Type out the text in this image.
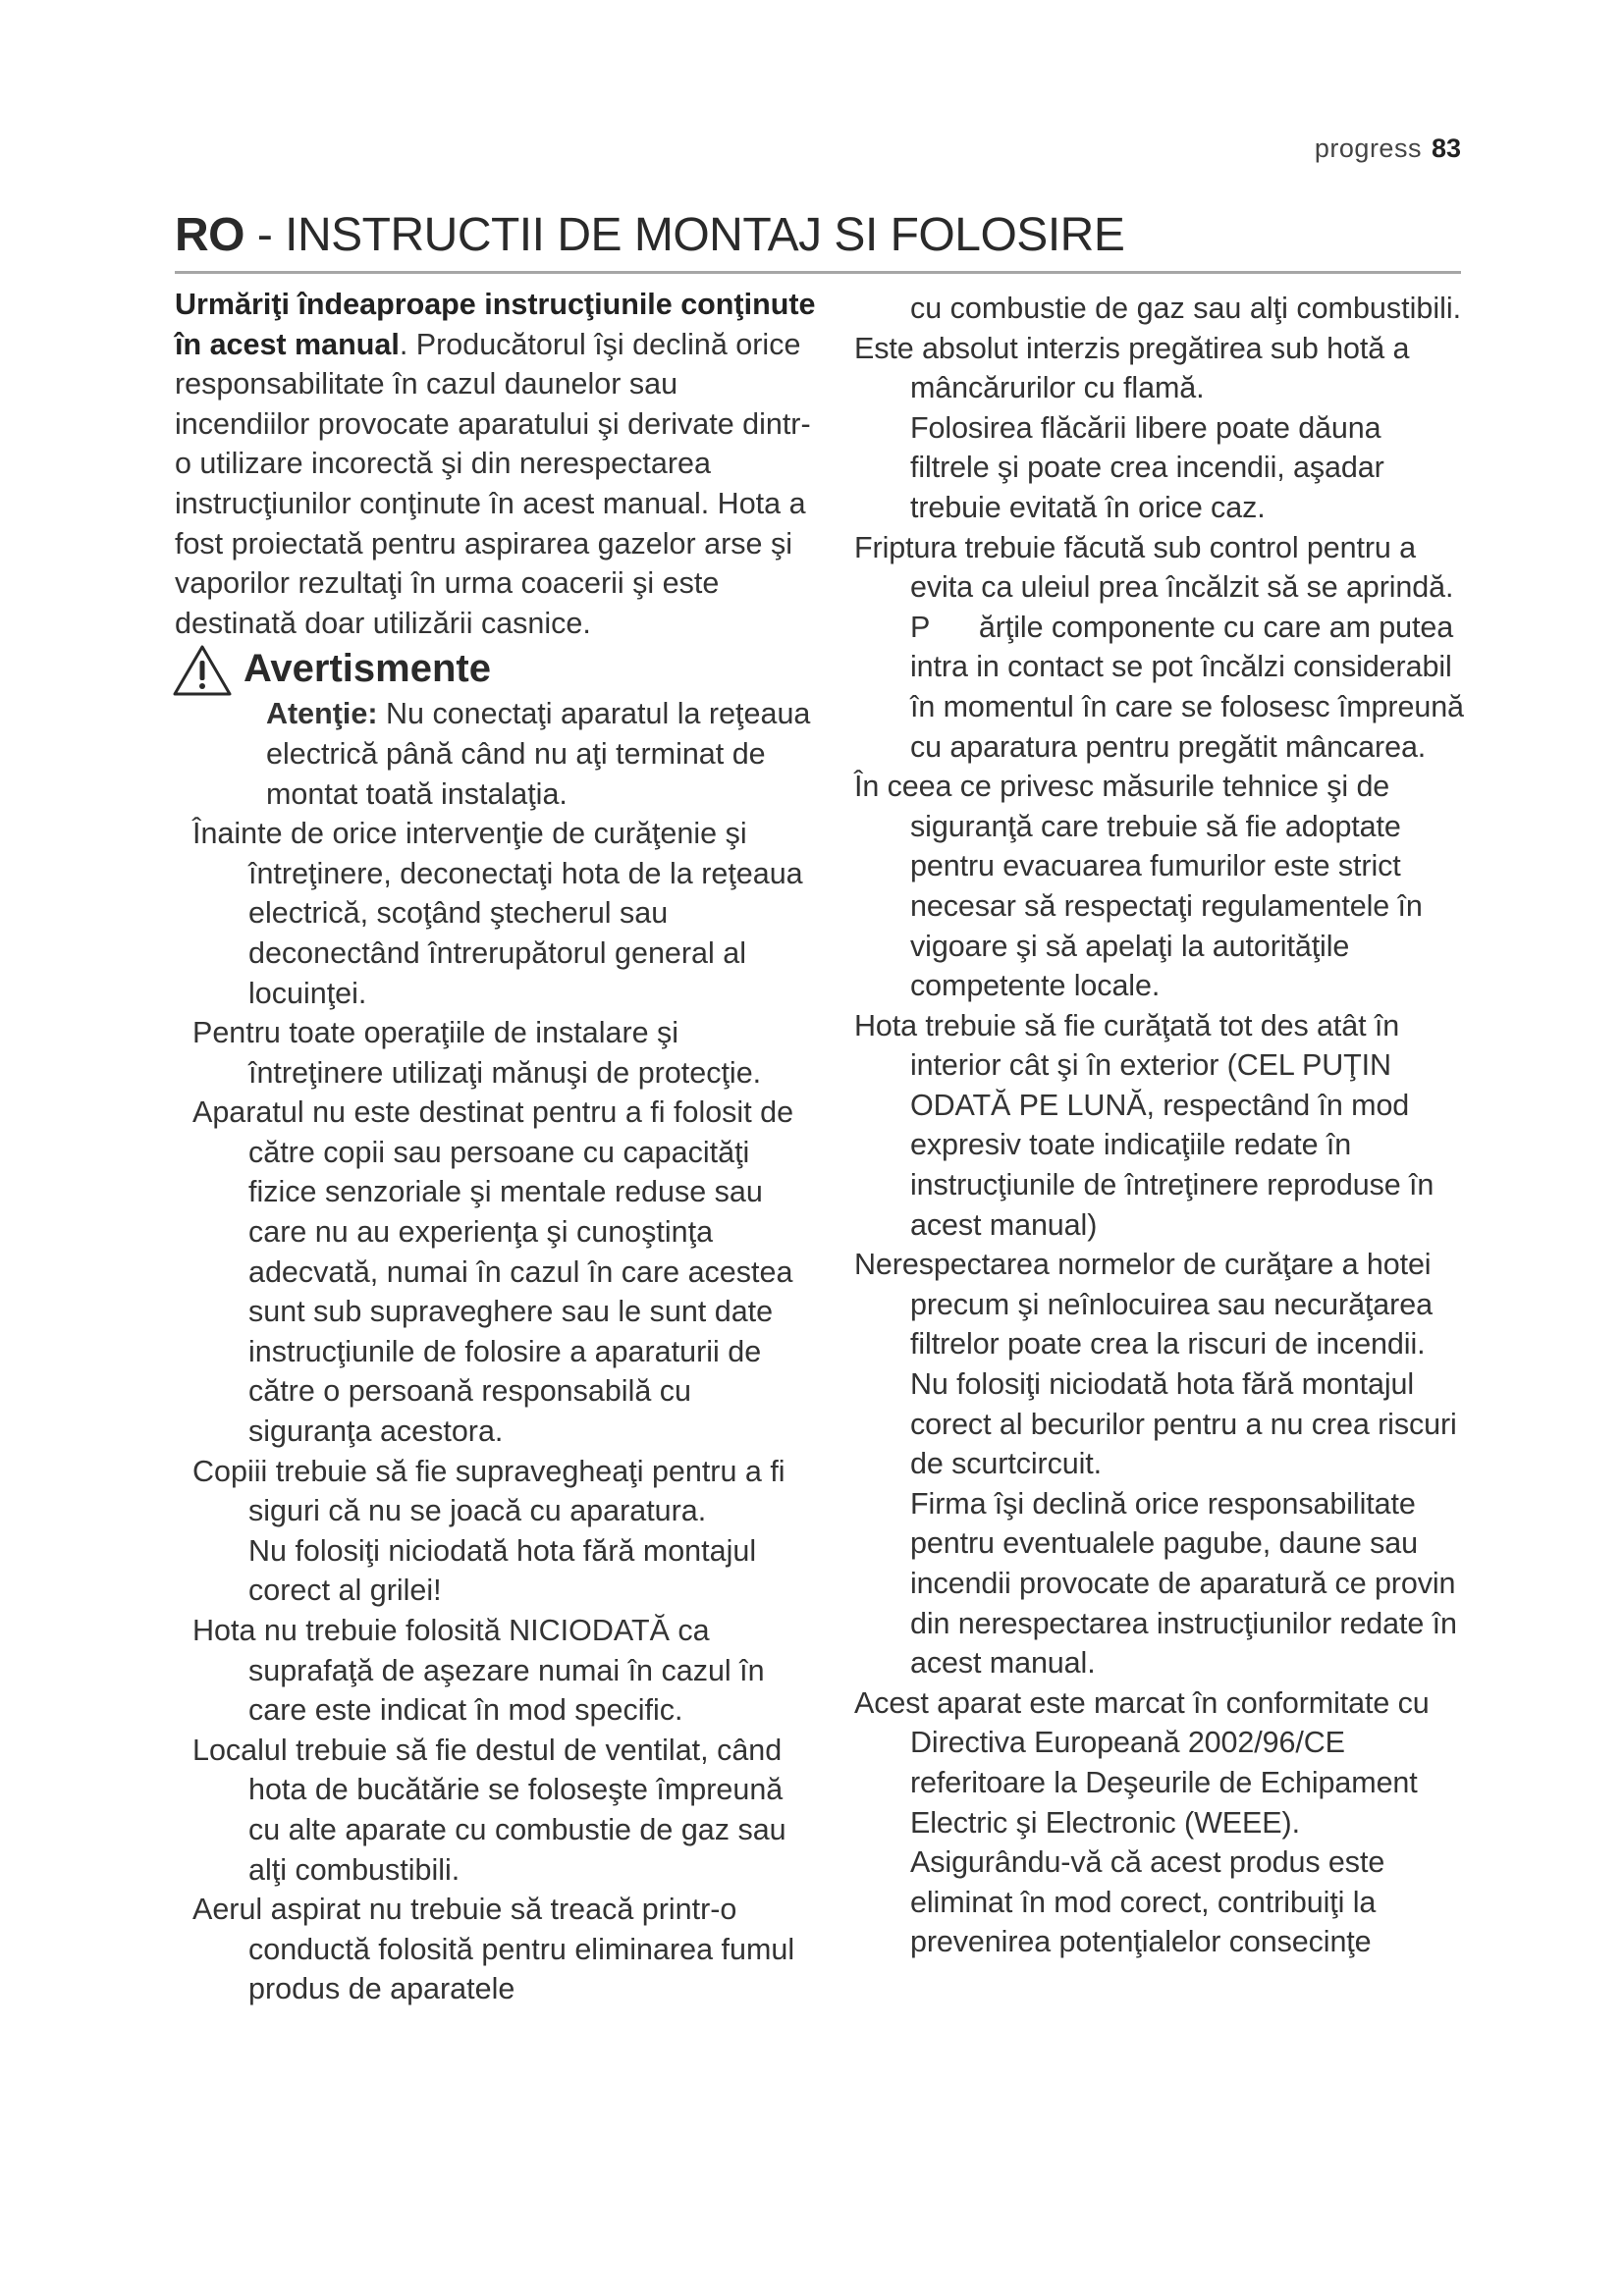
progress 83
RO - INSTRUCTII DE MONTAJ SI FOLOSIRE

Urmăriţi îndeaproape instrucţiunile conţinute în acest manual. Producătorul îşi declină orice responsabilitate în cazul daunelor sau incendiilor provocate aparatului şi derivate dintr-o utilizare incorectă şi din nerespectarea instrucţiunilor conţinute în acest manual. Hota a fost proiectată pentru aspirarea gazelor arse şi vaporilor rezultaţi în urma coacerii şi este destinată doar utilizării casnice.

Avertismente

Atenţie: Nu conectaţi aparatul la reţeaua electrică până când nu aţi terminat de montat toată instalaţia.

Înainte de orice intervenţie de curăţenie şi întreţinere, deconectaţi hota de la reţeaua electrică, scoţând ştecherul sau deconectând întrerupătorul general al locuinţei.

Pentru toate operaţiile de instalare şi întreţinere utilizaţi mănuşi de protecţie.

Aparatul nu este destinat pentru a fi folosit de către copii sau persoane cu capacităţi fizice senzoriale şi mentale reduse sau care nu au experienţa şi cunoştinţa adecvată, numai în cazul în care acestea sunt sub supraveghere sau le sunt date instrucţiunile de folosire a aparaturii de către o persoană responsabilă cu siguranţa acestora.

Copiii trebuie să fie supravegheaţi pentru a fi siguri că nu se joacă cu aparatura.

Nu folosiţi niciodată hota fără montajul corect al grilei!

Hota nu trebuie folosită NICIODATĂ ca suprafaţă de aşezare numai în cazul în care este indicat în mod specific.

Localul trebuie să fie destul de ventilat, când hota de bucătărie se foloseşte împreună cu alte aparate cu combustie de gaz sau alţi combustibili.

Aerul aspirat nu trebuie să treacă printr-o conductă folosită pentru eliminarea fumul produs de aparatele

cu combustie de gaz sau alţi combustibili.

Este absolut interzis pregătirea sub hotă a mâncărurilor cu flamă.

Folosirea flăcării libere poate dăuna filtrele şi poate crea incendii, aşadar trebuie evitată în orice caz.

Friptura trebuie făcută sub control pentru a evita ca uleiul prea încălzit să se aprindă.

P      ărţile componente cu care am putea intra in contact se pot încălzi considerabil în momentul în care se folosesc împreună cu aparatura pentru pregătit mâncarea.

În ceea ce privesc măsurile tehnice şi de siguranţă care trebuie să fie adoptate pentru evacuarea fumurilor este strict necesar să respectaţi regulamentele în vigoare şi să apelaţi la autorităţile competente locale.

Hota trebuie să fie curăţată tot des atât în interior cât şi în exterior (CEL PUŢIN ODATĂ PE LUNĂ, respectând în mod expresiv toate indicaţiile redate în instrucţiunile de întreţinere reproduse în acest manual)

Nerespectarea normelor de curăţare a hotei precum şi neînlocuirea sau necurăţarea filtrelor poate crea la riscuri de incendii.

Nu folosiţi niciodată hota fără montajul corect al becurilor pentru a nu crea riscuri de scurtcircuit.

Firma îşi declină orice responsabilitate pentru eventualele pagube, daune sau incendii provocate de aparatură ce provin din nerespectarea instrucţiunilor redate în acest manual.

Acest aparat este marcat în conformitate cu Directiva Europeană 2002/96/CE referitoare la Deşeurile de Echipament Electric şi Electronic (WEEE).

Asigurându-vă că acest produs este eliminat în mod corect, contribuiţi la prevenirea potenţialelor consecinţe
